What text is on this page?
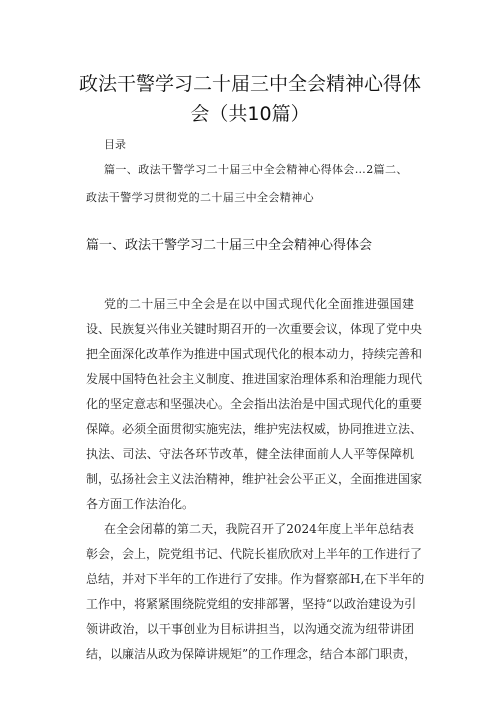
政法干警学习二十届三中全会精神心得体
会（共10篇）
目录
篇一、政法干警学习二十届三中全会精神心得体会…2篇二、
政法干警学习贯彻党的二十届三中全会精神心
篇一、政法干警学习二十届三中全会精神心得体会
党的二十届三中全会是在以中国式现代化全面推进强国建
设、民族复兴伟业关键时期召开的一次重要会议，体现了党中央
把全面深化改革作为推进中国式现代化的根本动力，持续完善和
发展中国特色社会主义制度、推进国家治理体系和治理能力现代
化的坚定意志和坚强决心。全会指出法治是中国式现代化的重要
保障。必须全面贯彻实施宪法，维护宪法权威，协同推进立法、
执法、司法、守法各环节改革，健全法律面前人人平等保障机
制，弘扬社会主义法治精神，维护社会公平正义，全面推进国家
各方面工作法治化。
在全会闭幕的第二天，我院召开了2024年度上半年总结表
彰会，会上，院党组书记、代院长崔欣欣对上半年的工作进行了
总结，并对下半年的工作进行了安排。作为督察部H,在下半年的
工作中，将紧紧围绕院党组的安排部署，坚持“以政治建设为引
领讲政治，以干事创业为目标讲担当，以沟通交流为纽带讲团
结，以廉洁从政为保障讲规矩”的工作理念，结合本部门职责，
